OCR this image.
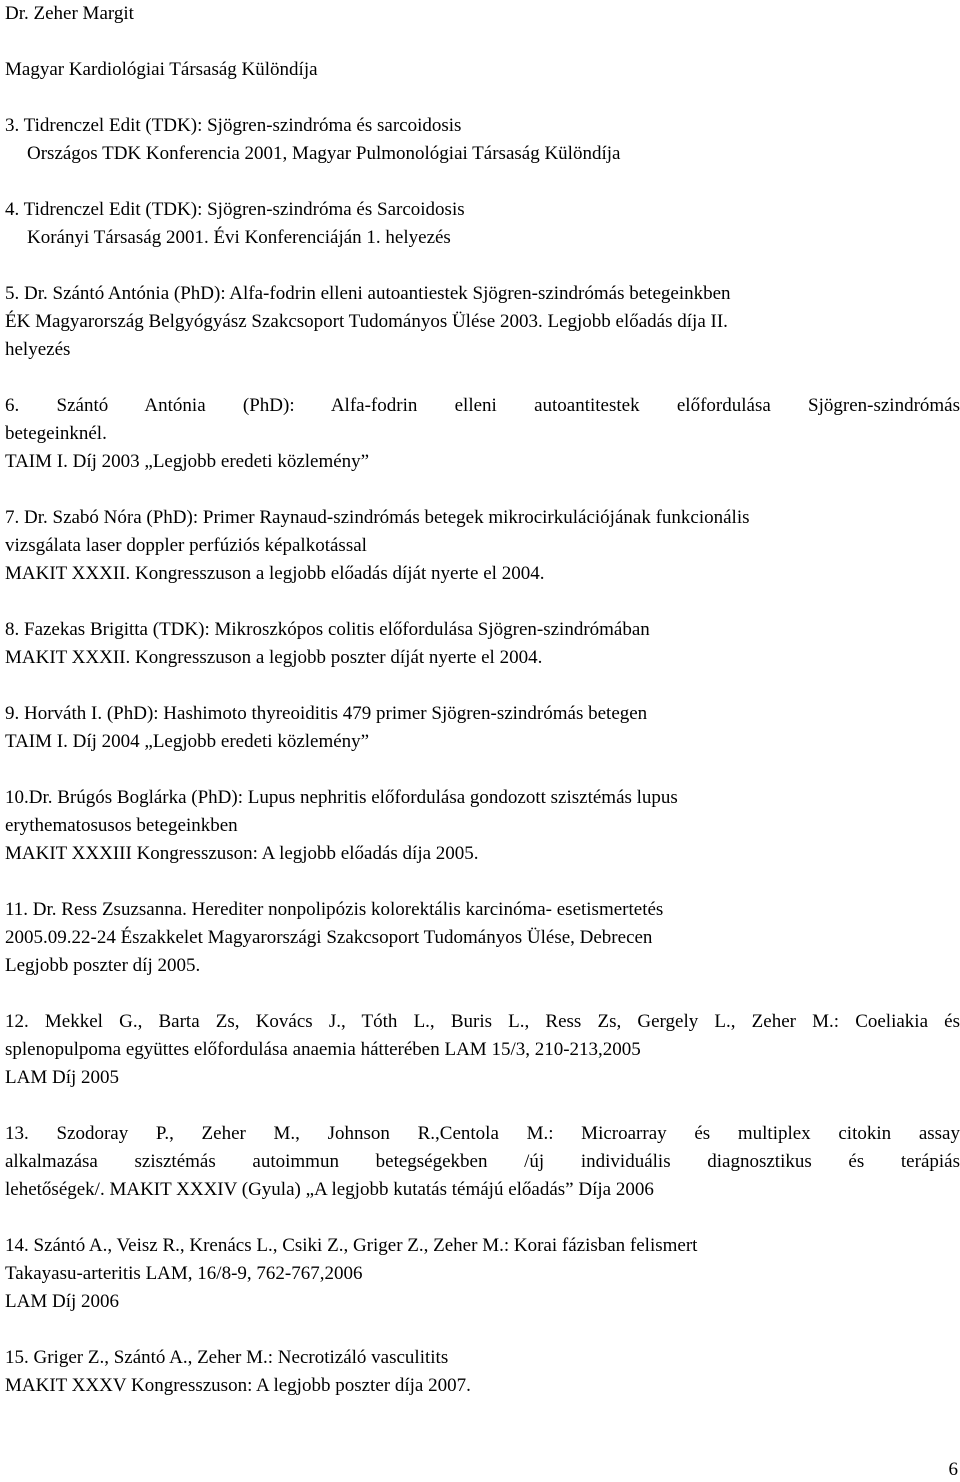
Dr. Zeher Margit
Magyar Kardiológiai Társaság Különdíja
3. Tidrenczel Edit (TDK): Sjögren-szindróma és sarcoidosis
Országos TDK Konferencia 2001, Magyar Pulmonológiai Társaság Különdíja
4. Tidrenczel Edit (TDK): Sjögren-szindróma és Sarcoidosis
Korányi Társaság 2001. Évi Konferenciáján 1. helyezés
5. Dr. Szántó Antónia (PhD): Alfa-fodrin elleni autoantiestek Sjögren-szindrómás betegeinkben
ÉK Magyarország Belgyógyász Szakcsoport Tudományos Ülése 2003. Legjobb előadás díja II.
helyezés
6. Szántó Antónia (PhD): Alfa-fodrin elleni autoantitestek előfordulása Sjögren-szindrómás
betegeinknél.
TAIM I. Díj 2003 „Legjobb eredeti közlemény”
7. Dr. Szabó Nóra (PhD): Primer Raynaud-szindrómás betegek mikrocirkulációjának funkcionális
vizsgálata laser doppler perfúziós képalkotással
MAKIT XXXII. Kongresszuson a legjobb előadás díját nyerte el 2004.
8. Fazekas Brigitta (TDK): Mikroszkópos colitis előfordulása Sjögren-szindrómában
MAKIT XXXII. Kongresszuson a legjobb poszter díját nyerte el 2004.
9. Horváth I. (PhD): Hashimoto thyreoiditis 479 primer Sjögren-szindrómás betegen
TAIM I. Díj 2004 „Legjobb eredeti közlemény”
10.Dr. Brúgós Boglárka (PhD): Lupus nephritis előfordulása gondozott szisztémás lupus
erythematosusos betegeinkben
MAKIT XXXIII Kongresszuson: A legjobb előadás díja 2005.
11. Dr. Ress Zsuzsanna. Herediter nonpolipózis kolorektális karcinóma- esetismertetés
2005.09.22-24 Északkelet Magyarországi Szakcsoport Tudományos Ülése, Debrecen
Legjobb poszter díj 2005.
12. Mekkel G., Barta Zs, Kovács J., Tóth L., Buris L., Ress Zs, Gergely L., Zeher M.: Coeliakia és
splenopulpoma együttes előfordulása anaemia hátterében LAM 15/3, 210-213,2005
LAM Díj 2005
13. Szodoray P., Zeher M., Johnson R.,Centola M.: Microarray és multiplex citokin assay
alkalmazása szisztémás autoimmun betegségekben /új individuális diagnosztikus és terápiás
lehetőségek/. MAKIT XXXIV (Gyula) „A legjobb kutatás témájú előadás” Díja 2006
14. Szántó A., Veisz R., Krenács L., Csiki Z., Griger Z., Zeher M.: Korai fázisban felismert
Takayasu-arteritis LAM, 16/8-9, 762-767,2006
LAM Díj 2006
15. Griger Z., Szántó A., Zeher M.: Necrotizáló vasculitits
MAKIT XXXV Kongresszuson: A legjobb poszter díja 2007.
6
